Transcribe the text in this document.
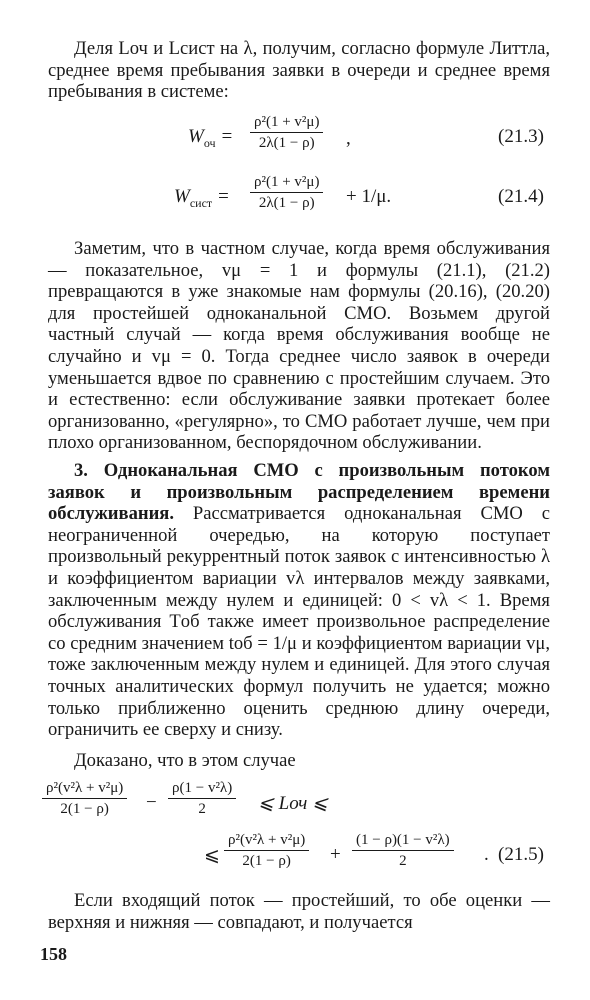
Деля Lоч и Lсист на λ, получим, согласно формуле Литтла, среднее время пребывания заявки в очереди и среднее время пребывания в системе:

$W_{оч} = \frac{\text{ρ²(1 + v²μ)}}{2\lambda(1 - \rho)}$ ,	(21.3)
$W_{сист} = \frac{\text{ρ²(1 + v²μ)}}{2\lambda(1 - \rho)} + 1/\mu$.	(21.4)

Заметим, что в частном случае, когда время обслуживания — показательное, vμ = 1 и формулы (21.1), (21.2) превращаются в уже знакомые нам формулы (20.16), (20.20) для простейшей одноканальной СМО. Возьмем другой частный случай — когда время обслуживания вообще не случайно и vμ = 0. Тогда среднее число заявок в очереди уменьшается вдвое по сравнению с простейшим случаем. Это и естественно: если обслуживание заявки протекает более организованно, «регулярно», то СМО работает лучше, чем при плохо организованном, беспорядочном обслуживании.

3. Одноканальная СМО с произвольным потоком заявок и произвольным распределением времени обслуживания. Рассматривается одноканальная СМО с неограниченной очередью, на которую поступает произвольный рекуррентный поток заявок с интенсивностью λ и коэффициентом вариации vλ интервалов между заявками, заключенным между нулем и единицей: 0 < vλ < 1. Время обслуживания Tоб также имеет произвольное распределение со средним значением tоб = 1/μ и коэффициентом вариации vμ, тоже заключенным между нулем и единицей. Для этого случая точных аналитических формул получить не удается; можно только приближенно оценить среднюю длину очереди, ограничить ее сверху и снизу.

Доказано, что в этом случае

$\frac{\text{ρ²(v²λ + v²μ)}}{2(1 - \rho)} - \frac{\text{ρ(1 − v²λ)}}{2}$ ⩽ Lоч ⩽
⩽ $\frac{\text{ρ²(v²λ + v²μ)}}{2(1 - \rho)} + \frac{\text{(1 − ρ)(1 − v²λ)}}{2}$ . (21.5)

Если входящий поток — простейший, то обе оценки — верхняя и нижняя — совпадают, и получается

158
